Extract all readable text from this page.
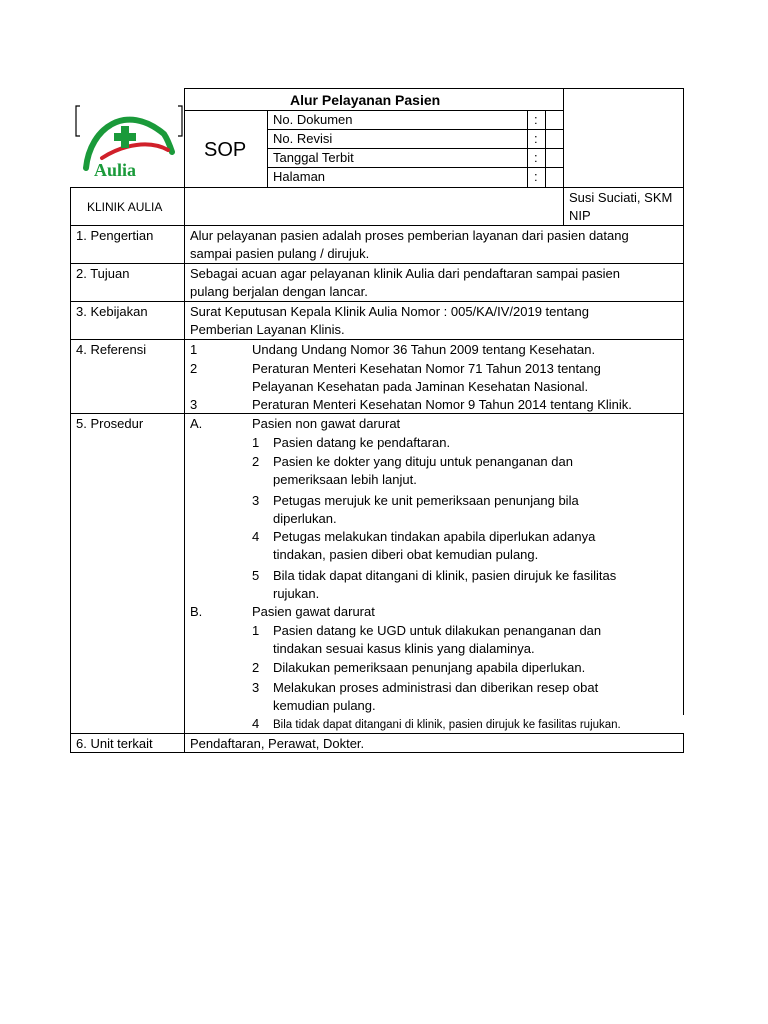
Aulia
Alur Pelayanan Pasien
SOP
No. Dokumen	:
No. Revisi	:
Tanggal Terbit	:
Halaman	:
KLINIK AULIA
Susi Suciati, SKM
NIP
1. Pengertian	Alur pelayanan pasien adalah proses pemberian layanan dari pasien datang
sampai pasien pulang / dirujuk.
2. Tujuan	Sebagai acuan agar pelayanan klinik Aulia dari pendaftaran sampai pasien
pulang berjalan dengan lancar.
3. Kebijakan	Surat Keputusan Kepala Klinik Aulia Nomor : 005/KA/IV/2019 tentang
Pemberian Layanan Klinis.
4. Referensi	1	Undang Undang Nomor 36 Tahun 2009 tentang Kesehatan.
2	Peraturan Menteri Kesehatan Nomor 71 Tahun 2013 tentang
Pelayanan Kesehatan pada Jaminan Kesehatan Nasional.
3	Peraturan Menteri Kesehatan Nomor 9 Tahun 2014 tentang Klinik.
5. Prosedur	A.	Pasien non gawat darurat
1 Pasien datang ke pendaftaran.
2 Pasien ke dokter yang dituju untuk penanganan dan
pemeriksaan lebih lanjut.
3 Petugas merujuk ke unit pemeriksaan penunjang bila
diperlukan.
4 Petugas melakukan tindakan apabila diperlukan adanya
tindakan, pasien diberi obat kemudian pulang.
5 Bila tidak dapat ditangani di klinik, pasien dirujuk ke fasilitas
rujukan.
B.	Pasien gawat darurat
1 Pasien datang ke UGD untuk dilakukan penanganan dan
tindakan sesuai kasus klinis yang dialaminya.
2 Dilakukan pemeriksaan penunjang apabila diperlukan.
3 Melakukan proses administrasi dan diberikan resep obat
kemudian pulang.
4 Bila tidak dapat ditangani di klinik, pasien dirujuk ke fasilitas rujukan.
6. Unit terkait	Pendaftaran, Perawat, Dokter.
